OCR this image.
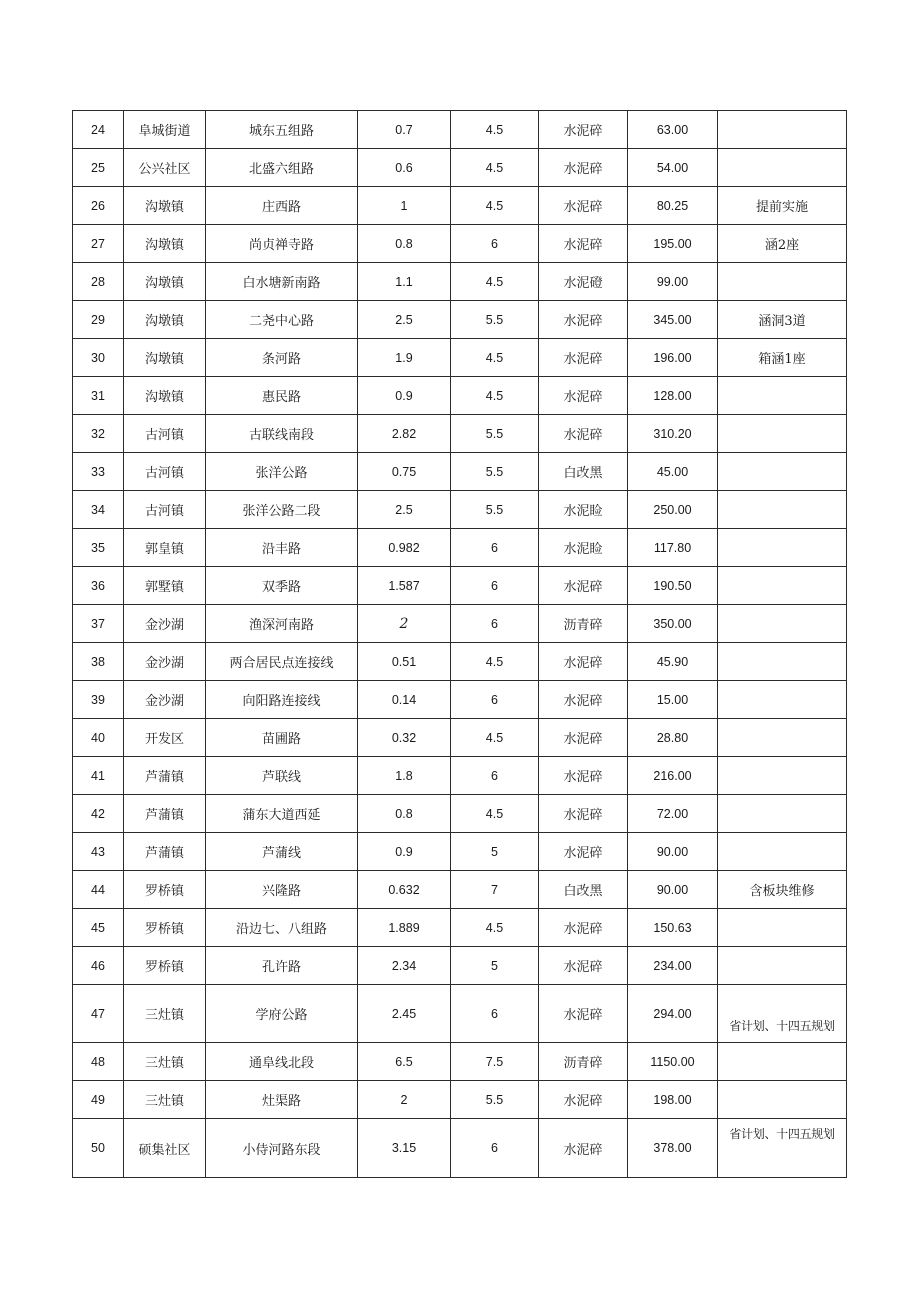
24	阜城街道	城东五组路	0.7	4.5	水泥碎	63.00	
25	公兴社区	北盛六组路	0.6	4.5	水泥碎	54.00	
26	沟墩镇	庄西路	1	4.5	水泥碎	80.25	提前实施
27	沟墩镇	尚贞禅寺路	0.8	6	水泥碎	195.00	涵2座
28	沟墩镇	白水塘新南路	1.1	4.5	水泥磴	99.00	
29	沟墩镇	二尧中心路	2.5	5.5	水泥碎	345.00	涵洞3道
30	沟墩镇	条河路	1.9	4.5	水泥碎	196.00	箱涵1座
31	沟墩镇	惠民路	0.9	4.5	水泥碎	128.00	
32	古河镇	古联线南段	2.82	5.5	水泥碎	310.20	
33	古河镇	张洋公路	0.75	5.5	白改黑	45.00	
34	古河镇	张洋公路二段	2.5	5.5	水泥睑	250.00	
35	郭皇镇	沿丰路	0.982	6	水泥睑	117.80	
36	郭墅镇	双季路	1.587	6	水泥碎	190.50	
37	金沙湖	渔深河南路	2	6	沥青碎	350.00	
38	金沙湖	两合居民点连接线	0.51	4.5	水泥碎	45.90	
39	金沙湖	向阳路连接线	0.14	6	水泥碎	15.00	
40	开发区	苗圃路	0.32	4.5	水泥碎	28.80	
41	芦蒲镇	芦联线	1.8	6	水泥碎	216.00	
42	芦蒲镇	蒲东大道西延	0.8	4.5	水泥碎	72.00	
43	芦蒲镇	芦蒲线	0.9	5	水泥碎	90.00	
44	罗桥镇	兴隆路	0.632	7	白改黑	90.00	含板块维修
45	罗桥镇	沿边七、八组路	1.889	4.5	水泥碎	150.63	
46	罗桥镇	孔许路	2.34	5	水泥碎	234.00	
47	三灶镇	学府公路	2.45	6	水泥碎	294.00	省计划、十四五规划
48	三灶镇	通阜线北段	6.5	7.5	沥青碎	1150.00	
49	三灶镇	灶渠路	2	5.5	水泥碎	198.00	
50	硕集社区	小侍河路东段	3.15	6	水泥碎	378.00	省计划、十四五规划
